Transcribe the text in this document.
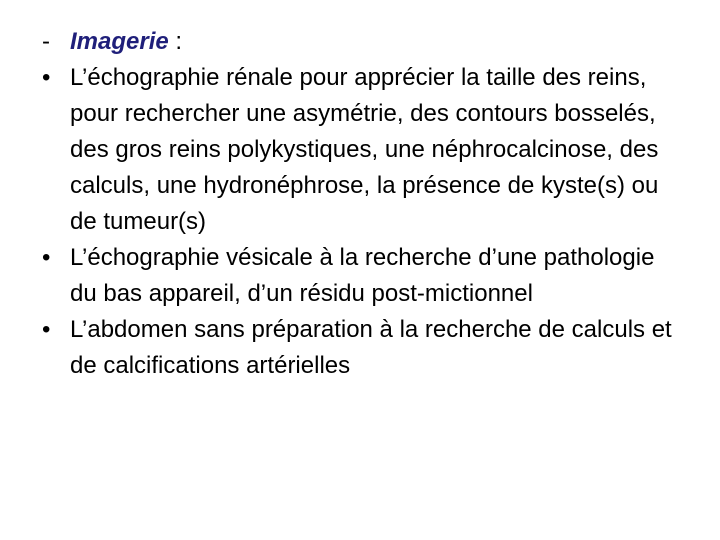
- Imagerie :
• L’échographie rénale pour apprécier la taille des reins, pour rechercher une asymétrie, des contours bosselés, des gros reins polykystiques, une néphrocalcinose, des calculs, une hydronéphrose, la présence de kyste(s) ou de tumeur(s)
• L’échographie vésicale à la recherche d’une pathologie du bas appareil, d’un résidu post-mictionnel
• L’abdomen sans préparation à la recherche de calculs et de calcifications artérielles
